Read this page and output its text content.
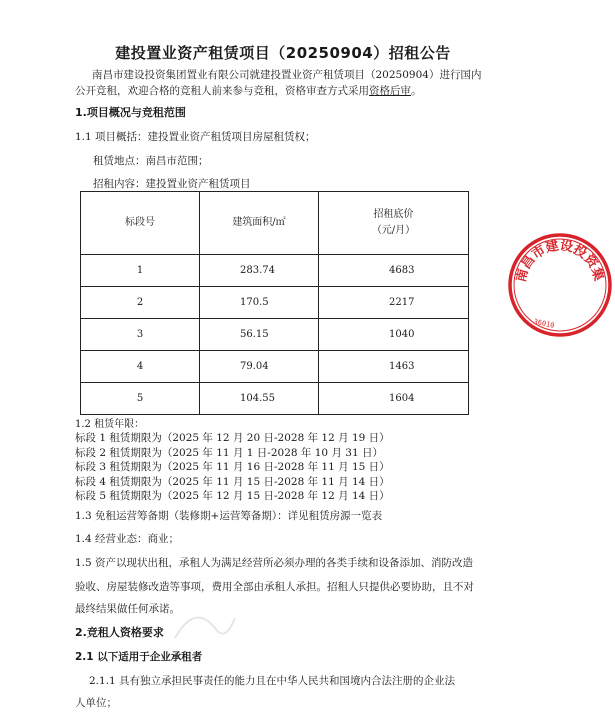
建投置业资产租赁项目（20250904）招租公告
南昌市建设投资集团置业有限公司就建投置业资产租赁项目（20250904）进行国内
公开竞租，欢迎合格的竞租人前来参与竞租，资格审查方式采用资格后审。
1.项目概况与竞租范围
1.1 项目概括：建投置业资产租赁项目房屋租赁权；
租赁地点：南昌市范围；
招租内容：建投置业资产租赁项目
标段号	建筑面积/㎡	招租底价
（元/月）
1	283.74	4683
2	170.5	2217
3	56.15	1040
4	79.04	1463
5	104.55	1604
1.2 租赁年限：
标段 1 租赁期限为（2025 年 12 月 20 日-2028 年 12 月 19 日）
标段 2 租赁期限为（2025 年 11 月 1 日-2028 年 10 月 31 日）
标段 3 租赁期限为（2025 年 11 月 16 日-2028 年 11 月 15 日）
标段 4 租赁期限为（2025 年 11 月 15 日-2028 年 11 月 14 日）
标段 5 租赁期限为（2025 年 12 月 15 日-2028 年 12 月 14 日）
1.3 免租运营筹备期（装修期+运营筹备期）：详见租赁房源一览表
1.4 经营业态：商业；
1.5 资产以现状出租，承租人为满足经营所必须办理的各类手续和设备添加、消防改造
验收、房屋装修改造等事项，费用全部由承租人承担。招租人只提供必要协助，且不对
最终结果做任何承诺。
2.竞租人资格要求
2.1 以下适用于企业承租者
2.1.1 具有独立承担民事责任的能力且在中华人民共和国境内合法注册的企业法
人单位；
南昌市建设投资集
36010
